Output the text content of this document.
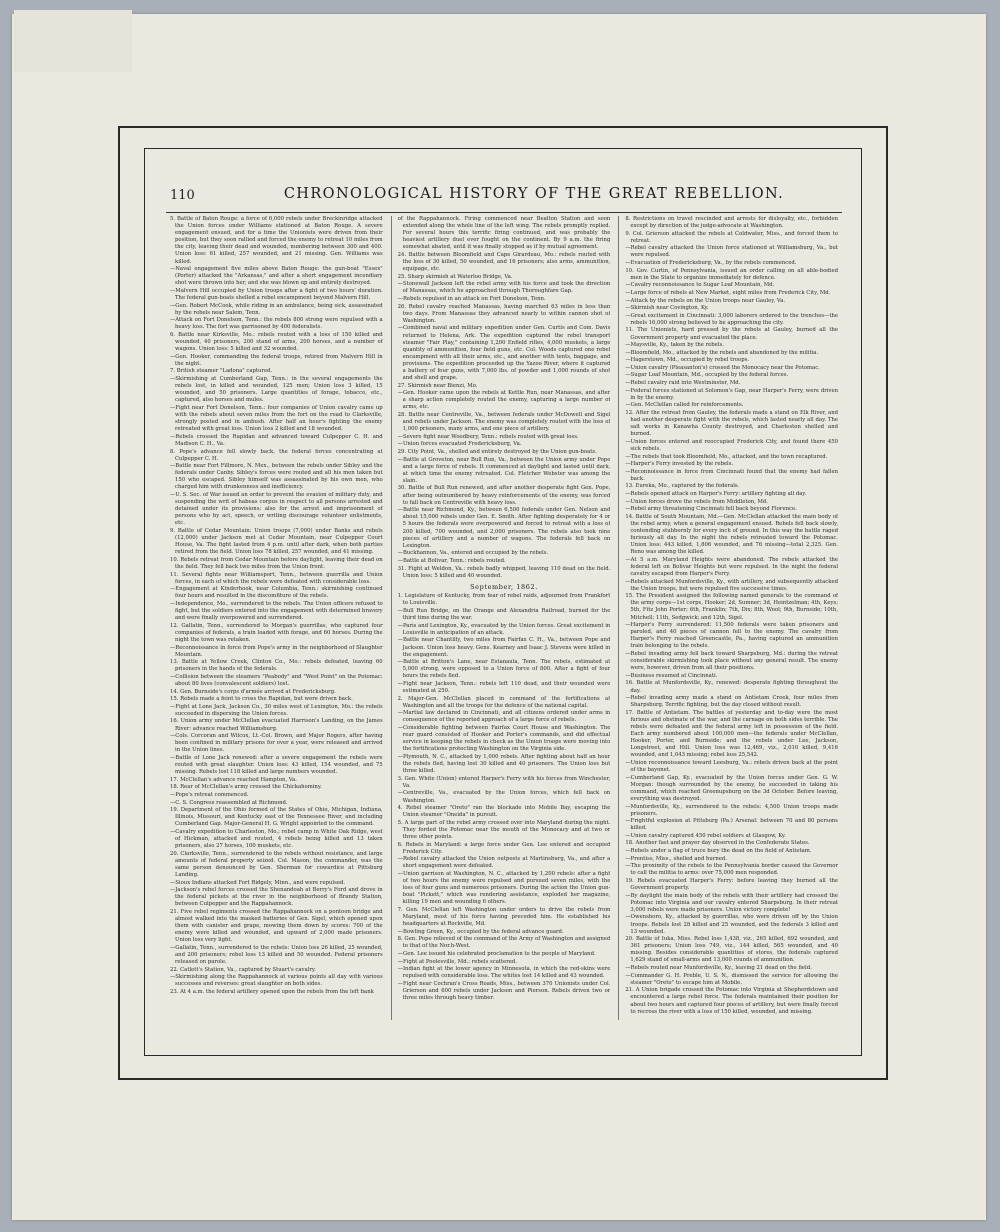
110	CHRONOLOGICAL HISTORY OF THE GREAT REBELLION.

5. Battle of Baton Rouge: a force of 6,000 rebels under Breckinridge attacked the Union forces under Williams stationed at Baton Rouge. A severe engagement ensued, and for a time the Unionists were driven from their position, but they soon rallied and forced the enemy to retreat 10 miles from the city, leaving their dead and wounded, numbering between 300 and 400. Union loss: 61 killed, 257 wounded, and 21 missing. Gen. Williams was killed.

—Naval engagement five miles above Baton Rouge: the gun-boat "Essex" (Porter) attacked the "Arkansas," and after a short engagement incendiary shot were thrown into her, and she was blown up and entirely destroyed.

—Malvern Hill occupied by Union troops after a fight of two hours' duration. The federal gun-boats shelled a rebel encampment beyond Malvern Hill.

—Gen. Robert McCook, while riding in an ambulance, being sick, assassinated by the rebels near Salem, Tenn.

—Attack on Fort Donelson, Tenn.: the rebels 800 strong were repulsed with a heavy loss. The fort was garrisoned by 400 federalists.

6. Battle near Kirksville, Mo.: rebels routed with a loss of 150 killed and wounded, 40 prisoners, 200 stand of arms, 200 horses, and a number of wagons. Union loss: 5 killed and 32 wounded.

—Gen. Hooker, commanding the federal troops, retired from Malvern Hill in the night.

7. British steamer "Ladona" captured.

—Skirmishing at Cumberland Gap, Tenn.: in the several engagements the rebels lost, in killed and wounded, 125 men; Union loss 3 killed, 15 wounded, and 50 prisoners. Large quantities of forage, tobacco, etc., captured, also horses and mules.

—Fight near Fort Donelson, Tenn.: four companies of Union cavalry came up with the rebels about seven miles from the fort on the road to Clarksville, strongly posted and in ambush. After half an hour's fighting the enemy retreated with great loss. Union loss 2 killed and 18 wounded.

—Rebels crossed the Rapidan and advanced toward Culpepper C. H. and Madison C. H., Va.

8. Pope's advance fell slowly back, the federal forces concentrating at Culpepper C. H.

—Battle near Fort Fillmore, N. Mex., between the rebels under Sibley and the federals under Canby. Sibley's forces were routed and all his men taken but 150 who escaped. Sibley himself was assassinated by his own men, who charged him with drunkenness and inefficiency.

—U. S. Sec. of War issued an order to prevent the evasion of military duty, and suspending the writ of habeas corpus in respect to all persons arrested and detained under its provisions; also for the arrest and imprisonment of persons who by act, speech, or writing discourage volunteer enlistments, etc.

9. Battle of Cedar Mountain: Union troops (7,000) under Banks and rebels (12,000) under Jackson met at Cedar Mountain, near Culpepper Court House, Va. The fight lasted from 4 p.m. until after dark, when both parties retired from the field. Union loss 78 killed, 257 wounded, and 41 missing.

10. Rebels retreat from Cedar Mountain before daylight, leaving their dead on the field. They fell back two miles from the Union front.

11. Several fights near Williamsport, Tenn., between guerrilla and Union forces, in each of which the rebels were defeated with considerable loss.

—Engagement at Kinderhook, near Columbia, Tenn.: skirmishing continued four hours and resulted in the discomfiture of the rebels.

—Independence, Mo., surrendered to the rebels. The Union officers refused to fight, but the soldiers entered into the engagement with determined bravery and were finally overpowered and surrendered.

12. Gallatin, Tenn., surrendered to Morgan's guerrillas, who captured four companies of federals, a train loaded with forage, and 60 horses. During the night the town was retaken.

—Reconnoissance in force from Pope's army in the neighborhood of Slaughter Mountain.

13. Battle at Yellow Creek, Clinton Co., Mo.: rebels defeated, leaving 60 prisoners in the hands of the federals.

—Collision between the steamers "Peabody" and "West Point" on the Potomac: about 80 lives (convalescent soldiers) lost.

14. Gen. Burnside's corps d'armée arrived at Fredericksburg.

15. Rebels made a feint to cross the Rapidan, but were driven back.

—Fight at Lone Jack, Jackson Co., 30 miles west of Lexington, Mo.: the rebels succeeded in dispersing the Union forces.

16. Union army under McClellan evacuated Harrison's Landing, on the James River: advance reached Williamsburg.

—Cols. Corcoran and Wilcox, Lt.-Col. Brown, and Major Rogers, after having been confined in military prisons for over a year, were released and arrived in the Union lines.

—Battle of Lone Jack renewed: after a severe engagement the rebels were routed with great slaughter. Union loss: 43 killed, 154 wounded, and 75 missing. Rebels lost 118 killed and large numbers wounded.

17. McClellan's advance reached Hampton, Va.

18. Rear of McClellan's army crossed the Chickahominy.

—Pope's retreat commenced.

—C. S. Congress reassembled at Richmond.

19. Department of the Ohio formed of the States of Ohio, Michigan, Indiana, Illinois, Missouri, and Kentucky east of the Tennessee River, and including Cumberland Gap. Major-General H. G. Wright appointed to the command.

—Cavalry expedition to Charleston, Mo.; rebel camp in White Oak Ridge, west of Hickman, attacked and routed, 4 rebels being killed and 13 taken prisoners, also 27 horses, 100 muskets, etc.

20. Clarksville, Tenn., surrendered to the rebels without resistance, and large amounts of federal property seized. Col. Mason, the commander, was the same person denounced by Gen. Sherman for cowardice at Pittsburg Landing.

—Sioux Indians attacked Fort Ridgely, Minn., and were repulsed.

—Jackson's rebel forces crossed the Shenandoah at Berry's Ford and drove in the federal pickets at the river in the neighborhood of Brandy Station, between Culpepper and the Rappahannock.

21. Five rebel regiments crossed the Rappahannock on a pontoon bridge and almost walked into the masked batteries of Gen. Sigel, which opened upon them with canister and grape, mowing them down by scores: 700 of the enemy were killed and wounded, and upward of 2,000 made prisoners. Union loss very light.

—Gallatin, Tenn., surrendered to the rebels: Union loss 26 killed, 25 wounded, and 200 prisoners; rebel loss 13 killed and 50 wounded. Federal prisoners released on parole.

22. Catlett's Station, Va., captured by Stuart's cavalry.

—Skirmishing along the Rappahannock at various points all day with various successes and reverses: great slaughter on both sides.

23. At 4 a.m. the federal artillery opened upon the rebels from the left bank

of the Rappahannock. Firing commenced near Bealton Station and soon extended along the whole line of the left wing. The rebels promptly replied. For several hours this terrific firing continued, and was probably the heaviest artillery duel ever fought on the continent. By 9 a.m. the firing somewhat abated, until it was finally stopped as if by mutual agreement.

24. Battle between Bloomfield and Cape Girardeau, Mo.: rebels routed with the loss of 30 killed, 50 wounded, and 16 prisoners; also arms, ammunition, equipage, etc.

25. Sharp skirmish at Waterloo Bridge, Va.

—Stonewall Jackson left the rebel army with his force and took the direction of Manassas, which he approached through Thoroughfare Gap.

—Rebels repulsed in an attack on Fort Donelson, Tenn.

26. Rebel cavalry reached Manassas, having marched 63 miles in less than two days. From Manassas they advanced nearly to within cannon shot of Washington.

—Combined naval and military expedition under Gen. Curtis and Com. Davis returned to Helena, Ark. The expedition captured the rebel transport steamer "Fair Play," containing 1,200 Enfield rifles, 4,000 muskets, a large quantity of ammunition, four field guns, etc. Col. Woods captured one rebel encampment with all their arms, etc., and another with tents, baggage, and provisions. The expedition proceeded up the Yazoo River, where it captured a battery of four guns, with 7,000 lbs. of powder and 1,000 rounds of shot and shell and grape.

27. Skirmish near Bienzi, Mo.

—Gen. Hooker came upon the rebels at Kettle Run, near Manassas, and after a sharp action completely routed the enemy, capturing a large number of arms, etc.

28. Battle near Centreville, Va., between federals under McDowell and Sigel and rebels under Jackson. The enemy was completely routed with the loss of 1,000 prisoners, many arms, and one piece of artillery.

—Severe fight near Woodbury, Tenn.: rebels routed with great loss.

—Union forces evacuated Fredericksburg, Va.

29. City Point, Va., shelled and entirely destroyed by the Union gun-boats.

—Battle at Groveton, near Bull Run, Va., between the Union army under Pope and a large force of rebels. It commenced at daylight and lasted until dark, at which time the enemy retreated. Col. Fletcher Webster was among the slain.

30. Battle of Bull Run renewed, and after another desperate fight Gen. Pope, after being outnumbered by heavy reinforcements of the enemy, was forced to fall back on Centreville with heavy loss.

—Battle near Richmond, Ky., between 6,500 federals under Gen. Nelson and about 15,000 rebels under Gen. E. Smith. After fighting desperately for 4 or 5 hours the federals were overpowered and forced to retreat with a loss of 200 killed, 700 wounded, and 2,000 prisoners. The rebels also took nine pieces of artillery and a number of wagons. The federals fell back on Lexington.

—Buckhannon, Va., entered and occupied by the rebels.

—Battle at Bolivar, Tenn.: rebels routed.

31. Fight at Weldon, Va.: rebels badly whipped, leaving 110 dead on the field. Union loss: 5 killed and 40 wounded.

September, 1862.

1. Legislature of Kentucky, from fear of rebel raids, adjourned from Frankfort to Louisville.

—Bull Run Bridge, on the Orange and Alexandria Railroad, burned for the third time during the war.

—Paris and Lexington, Ky., evacuated by the Union forces. Great excitement in Louisville in anticipation of an attack.

—Battle near Chantilly, two miles from Fairfax C. H., Va., between Pope and Jackson. Union loss heavy. Gens. Kearney and Isaac J. Stevens were killed in the engagement.

—Battle at Britton's Lane, near Estanaula, Tenn. The rebels, estimated at 5,000 strong, were opposed to a Union force of 800. After a fight of four hours the rebels fled.

—Fight near Jackson, Tenn.: rebels left 110 dead, and their wounded were estimated at 250.

2. Major-Gen. McClellan placed in command of the fortifications at Washington and all the troops for the defence of the national capital.

—Martial law declared in Cincinnati, and all citizens ordered under arms in consequence of the reported approach of a large force of rebels.

—Considerable fighting between Fairfax Court House and Washington. The rear guard consisted of Hooker and Porter's commands, and did effectual service in keeping the rebels in check as the Union troops were moving into the fortifications protecting Washington on the Virginia side.

—Plymouth, N. C., attacked by 1,000 rebels. After fighting about half an hour the rebels fled, having lost 30 killed and 40 prisoners. The Union loss but three killed.

3. Gen. White (Union) entered Harper's Ferry with his forces from Winchester, Va.

—Centreville, Va., evacuated by the Union forces, which fell back on Washington.

4. Rebel steamer "Oreto" ran the blockade into Mobile Bay, escaping the Union steamer "Oneida" in pursuit.

5. A large part of the rebel army crossed over into Maryland during the night. They forded the Potomac near the mouth of the Monocacy and at two or three other points.

6. Rebels in Maryland: a large force under Gen. Lee entered and occupied Frederick City.

—Rebel cavalry attacked the Union outposts at Martinsburg, Va., and after a short engagement were defeated.

—Union garrison at Washington, N. C., attacked by 1,200 rebels: after a fight of two hours the enemy were repulsed and pursued seven miles, with the loss of four guns and numerous prisoners. During the action the Union gun-boat "Pickett," which was rendering assistance, exploded her magazine, killing 19 men and wounding 6 others.

7. Gen. McClellan left Washington under orders to drive the rebels from Maryland, most of his force having preceded him. He established his headquarters at Rockville, Md.

—Bowling Green, Ky., occupied by the federal advance guard.

8. Gen. Pope relieved of the command of the Army of Washington and assigned to that of the Nor.h-West.

—Gen. Lee issued his celebrated proclamation to the people of Maryland.

—Fight at Poolesville, Md.: rebels scattered.

—Indian fight at the lower agency in Minnesota, in which the red-skins were repulsed with considerable loss. The whites lost 14 killed and 43 wounded.

—Fight near Cochran's Cross Roads, Miss., between 370 Unionists under Col. Grierson and 600 rebels under Jackson and Pierson. Rebels driven two or three miles through heavy timber.

8. Restrictions on travel rescinded and arrests for disloyalty, etc., forbidden except by direction of the judge-advocate at Washington.

9. Col. Grierson attacked the rebels at Coldwater, Miss., and forced them to retreat.

—Rebel cavalry attacked the Union force stationed at Williamsburg, Va., but were repulsed.

—Evacuation of Fredericksburg, Va., by the rebels commenced.

10. Gov. Curtin, of Pennsylvania, issued an order calling on all able-bodied men in the State to organize immediately for defence.

—Cavalry reconnoissance to Sugar Loaf Mountain, Md.

—Large force of rebels at New Market, eight miles from Frederick City, Md.

—Attack by the rebels on the Union troops near Gauley, Va.

—Skirmish near Covington, Ky.

—Great excitement in Cincinnati: 3,000 laborers ordered to the trenches—the rebels 16,000 strong believed to be approaching the city.

11. The Unionists, hard pressed by the rebels at Gauley, burned all the Government property and evacuated the place.

—Maysville, Ky., taken by the rebels.

—Bloomfield, Mo., attacked by the rebels and abandoned by the militia.

—Hagerstown, Md., occupied by rebel troops.

—Union cavalry (Pleasanton's) crossed the Monocacy near the Potomac.

—Sugar Loaf Mountain, Md., occupied by the federal forces.

—Rebel cavalry raid into Westminster, Md.

—Federal forces stationed at Solomon's Gap, near Harper's Ferry, were driven in by the enemy.

—Gen. McClellan called for reinforcements.

12. After the retreat from Gauley, the federals made a stand on Elk River, and had another desperate fight with the rebels, which lasted nearly all day. The salt works in Kanawha County destroyed, and Charleston shelled and burned.

—Union forces entered and reoccupied Frederick City, and found there 450 sick rebels.

—The rebels that took Bloomfield, Mo., attacked, and the town recaptured.

—Harper's Ferry invested by the rebels.

—Reconnoissance in force from Cincinnati found that the enemy had fallen back.

13. Eureka, Mo., captured by the federals.

—Rebels opened attack on Harper's Ferry: artillery fighting all day.

—Union forces drove the rebels from Middleton, Md.

—Rebel army threatening Cincinnati fell back beyond Florence.

14. Battle of South Mountain, Md.—Gen. McClellan attacked the main body of the rebel army, when a general engagement ensued. Rebels fell back slowly, contending stubbornly for every inch of ground. In this way the battle raged furiously all day. In the night the rebels retreated toward the Potomac. Union loss: 443 killed, 1,806 wounded, and 76 missing—total 2,325. Gen. Reno was among the killed.

—At 5 a.m. Maryland Heights were abandoned. The rebels attacked the federal left on Bolivar Heights but were repulsed. In the night the federal cavalry escaped from Harper's Ferry.

—Rebels attacked Munfordsville, Ky., with artillery, and subsequently attacked the Union troops, but were repulsed five successive times.

15. The President assigned the following named generals to the command of the army corps—1st corps, Hooker; 2d, Sumner; 3d, Heintzelman; 4th, Keys; 5th, Fitz John Porter; 6th, Franklin; 7th, Dix; 8th, Wool; 9th, Burnside; 10th, Mitchell; 11th, Sedgwick; and 12th, Sigel.

—Harper's Ferry surrendered: 11,500 federals were taken prisoners and paroled, and 40 pieces of cannon fell to the enemy. The cavalry from Harper's Ferry reached Greencastle, Pa., having captured an ammunition train belonging to the rebels.

—Rebel invading army fell back toward Sharpsburg, Md.: during the retreat considerable skirmishing took place without any general result. The enemy were, however, driven from all their positions.

—Business resumed at Cincinnati.

16. Battle at Munfordsville, Ky., renewed: desperate fighting throughout the day.

—Rebel invading army made a stand on Antietam Creek, four miles from Sharpsburg. Terrific fighting, but the day closed without result.

17. Battle of Antietam. The battles of yesterday and to-day were the most furious and obstinate of the war, and the carnage on both sides terrible. The rebels were defeated and the federal army left in possession of the field. Each army numbered about 100,000 men—the federals under McClellan, Hooker, Porter, and Burnside; and the rebels under Lee, Jackson, Longstreet, and Hill. Union loss was 12,469, viz., 2,010 killed, 9,416 wounded, and 1,043 missing; rebel loss 25,542.

—Union reconnoissance toward Leesburg, Va.: rebels driven back at the point of the bayonet.

—Cumberland Gap, Ky., evacuated by the Union forces under Gen. G. W. Morgan: though surrounded by the enemy, he succeeded in taking his command, which reached Greenupsburg on the 3d October. Before leaving, everything was destroyed.

—Munfordsville, Ky., surrendered to the rebels: 4,500 Union troops made prisoners.

—Frightful explosion at Pittsburg (Pa.) Arsenal: between 70 and 80 persons killed.

—Union cavalry captured 450 rebel soldiers at Glasgow, Ky.

18. Another fast and prayer day observed in the Confederate States.

—Rebels under a flag of truce bury the dead on the field of Antietam.

—Prentiss, Miss., shelled and burned.

—The proximity of the rebels to the Pennsylvania border caused the Governor to call the militia to arms: over 75,000 men responded.

19. Rebels evacuated Harper's Ferry: before leaving they burned all the Government property.

—By daylight the main body of the rebels with their artillery had crossed the Potomac into Virginia and our cavalry entered Sharpsburg. In their retreat 3,000 rebels were made prisoners. Union victory complete!

—Owensboro, Ky., attacked by guerrillas, who were driven off by the Union troops. Rebels lost 28 killed and 25 wounded, and the federals 3 killed and 13 wounded.

20. Battle of Iuka, Miss. Rebel loss 1,438, viz., 265 killed, 692 wounded, and 361 prisoners; Union loss 749, viz., 144 killed, 565 wounded, and 40 missing. Besides considerable quantities of stores, the federals captured 1,629 stand of small-arms and 13,000 rounds of ammunition.

—Rebels routed near Munfordsville, Ky., leaving 21 dead on the field.

—Commander G. H. Preble, U. S. N., dismissed the service for allowing the steamer "Oreto" to escape him at Mobile.

21. A Union brigade crossed the Potomac into Virginia at Shepherdstown and encountered a large rebel force. The federals maintained their position for about two hours and captured four pieces of artillery, but were finally forced to recross the river with a loss of 150 killed, wounded, and missing.
